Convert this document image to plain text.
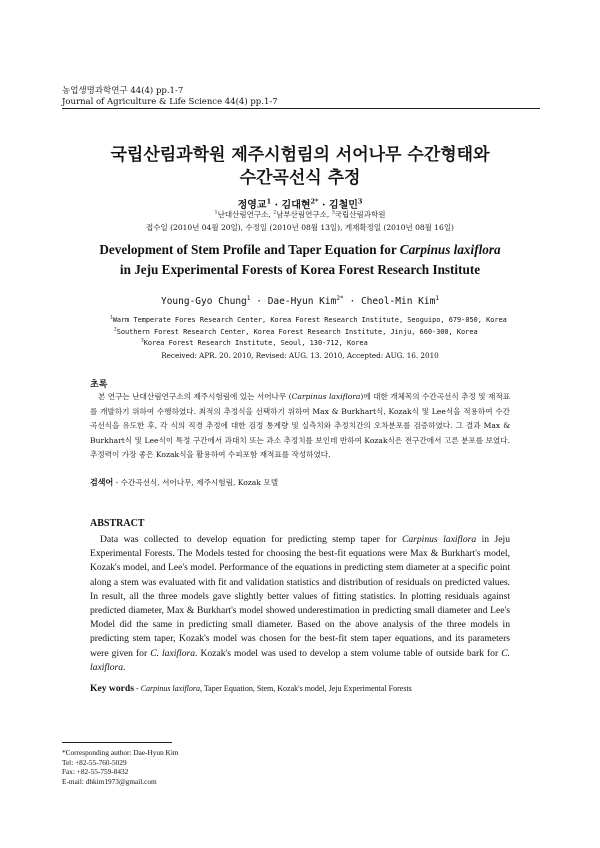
농업생명과학연구 44(4) pp.1-7
Journal of Agriculture & Life Science 44(4) pp.1-7
국립산림과학원 제주시험림의 서어나무 수간형태와
수간곡선식 추정
정영교$^1$ · 김대현$^{2*}$ · 김철민$^3$
$^1$난대산림연구소, $^2$남부산림연구소, $^3$국립산림과학원
접수일 (2010년 04월 20일), 수정일 (2010년 08월 13일), 게재확정일 (2010년 08월 16일)
Development of Stem Profile and Taper Equation for Carpinus laxiflora
in Jeju Experimental Forests of Korea Forest Research Institute
Young-Gyo Chung$^1$ · Dae-Hyun Kim$^{2*}$ · Cheol-Min Kim$^1$
$^1$Warm Temperate Fores Research Center, Korea Forest Research Institute, Seoguipo, 679-050, Korea
$^2$Southern Forest Research Center, Korea Forest Research Institute, Jinju, 660-300, Korea
$^3$Korea Forest Research Institute, Seoul, 130-712, Korea
Received: APR. 20. 2010, Revised: AUG. 13. 2010, Accepted: AUG. 16. 2010
초록
본 연구는 난대산림연구소의 제주시험림에 있는 서어나무 (Carpinus laxiflora)에 대한 개체목의 수간곡선식 추정 및 재적표를 개발하기 위하여 수행하였다. 최적의 추정식을 선택하기 위하여 Max & Burkhart식, Kozak식 및 Lee식을 적용하여 수간곡선식을 유도한 후, 각 식의 직경 추정에 대한 검정 통계량 및 실측치와 추정치간의 오차분포를 검증하였다. 그 결과 Max & Burkhart식 및 Lee식이 특정 구간에서 과대치 또는 과소 추정치를 보인데 반하여 Kozak식은 전구간에서 고른 분포를 보였다. 추정력이 가장 좋은 Kozak식을 활용하여 수피포함 재적표를 작성하였다.
검색어 - 수간곡선식, 서어나무, 제주시험림, Kozak 모델
ABSTRACT
Data was collected to develop equation for predicting stemp taper for Carpinus laxiflora in Jeju Experimental Forests. The Models tested for choosing the best-fit equations were Max & Burkhart's model, Kozak's model, and Lee's model. Performance of the equations in predicting stem diameter at a specific point along a stem was evaluated with fit and validation statistics and distribution of residuals on predicted values. In result, all the three models gave slightly better values of fitting statistics. In plotting residuals against predicted diameter, Max & Burkhart's model showed underestimation in predicting small diameter and Lee's Model did the same in predicting small diameter. Based on the above analysis of the three models in predicting stem taper, Kozak's model was chosen for the best-fit stem taper equations, and its parameters were given for C. laxiflora. Kozak's model was used to develop a stem volume table of outside bark for C. laxiflora.
Key words - Carpinus laxiflora, Taper Equation, Stem, Kozak's model, Jeju Experimental Forests
*Corresponding author: Dae-Hyun Kim
Tel: +82-55-760-5029
Fax: +82-55-759-8432
E-mail: dhkim1973@gmail.com
